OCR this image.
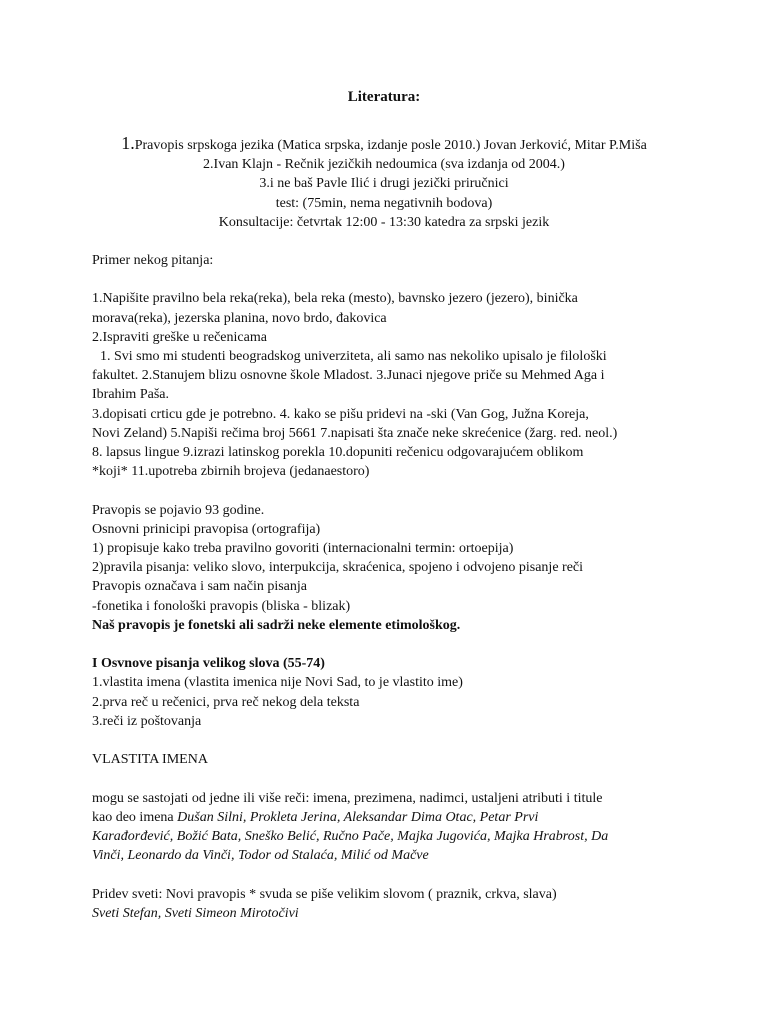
Literatura:
1.Pravopis srpskoga jezika (Matica srpska, izdanje posle 2010.) Jovan Jerković, Mitar P.Miša
2.Ivan Klajn - Rečnik jezičkih nedoumica (sva izdanja od 2004.)
3.i ne baš Pavle Ilić i drugi jezički priručnici
test: (75min, nema negativnih bodova)
Konsultacije: četvrtak 12:00 - 13:30 katedra za srpski jezik

Primer nekog pitanja:

1.Napišite pravilno bela reka(reka), bela reka (mesto), bavnsko jezero (jezero), binička

morava(reka), jezerska planina, novo brdo, đakovica

2.Ispraviti greške u rečenicama

1. Svi smo mi studenti beogradskog univerziteta, ali samo nas nekoliko upisalo je filološki

fakultet. 2.Stanujem blizu osnovne škole Mladost. 3.Junaci njegove priče su Mehmed Aga i

Ibrahim Paša.

3.dopisati crticu gde je potrebno. 4. kako se pišu pridevi na -ski (Van Gog, Južna Koreja,

Novi Zeland) 5.Napiši rečima broj 5661 7.napisati šta znače neke skrećenice (žarg. red. neol.)

8. lapsus lingue 9.izrazi latinskog porekla 10.dopuniti rečenicu odgovarajućem oblikom

*koji* 11.upotreba zbirnih brojeva (jedanaestoro)

Pravopis se pojavio 93 godine.

Osnovni prinicipi pravopisa (ortografija)

1) propisuje kako treba pravilno govoriti (internacionalni termin: ortoepija)

2)pravila pisanja: veliko slovo, interpukcija, skraćenica, spojeno i odvojeno pisanje reči

Pravopis označava i sam način pisanja

-fonetika i fonološki pravopis (bliska - blizak)

Naš pravopis je fonetski ali sadrži neke elemente etimološkog.

I Osvnove pisanja velikog slova (55-74)

1.vlastita imena (vlastita imenica nije Novi Sad, to je vlastito ime)

2.prva reč u rečenici, prva reč nekog dela teksta

3.reči iz poštovanja

VLASTITA IMENA

mogu se sastojati od jedne ili više reči: imena, prezimena, nadimci, ustaljeni atributi i titule

kao deo imena Dušan Silni, Prokleta Jerina, Aleksandar Dima Otac, Petar Prvi

Karađorđević, Božić Bata, Sneško Belić, Ručno Pače, Majka Jugovića, Majka Hrabrost, Da

Vinči, Leonardo da Vinči, Todor od Stalaća, Milić od Mačve

Pridev sveti: Novi pravopis * svuda se piše velikim slovom ( praznik, crkva, slava)

Sveti Stefan, Sveti Simeon Mirotočivi
